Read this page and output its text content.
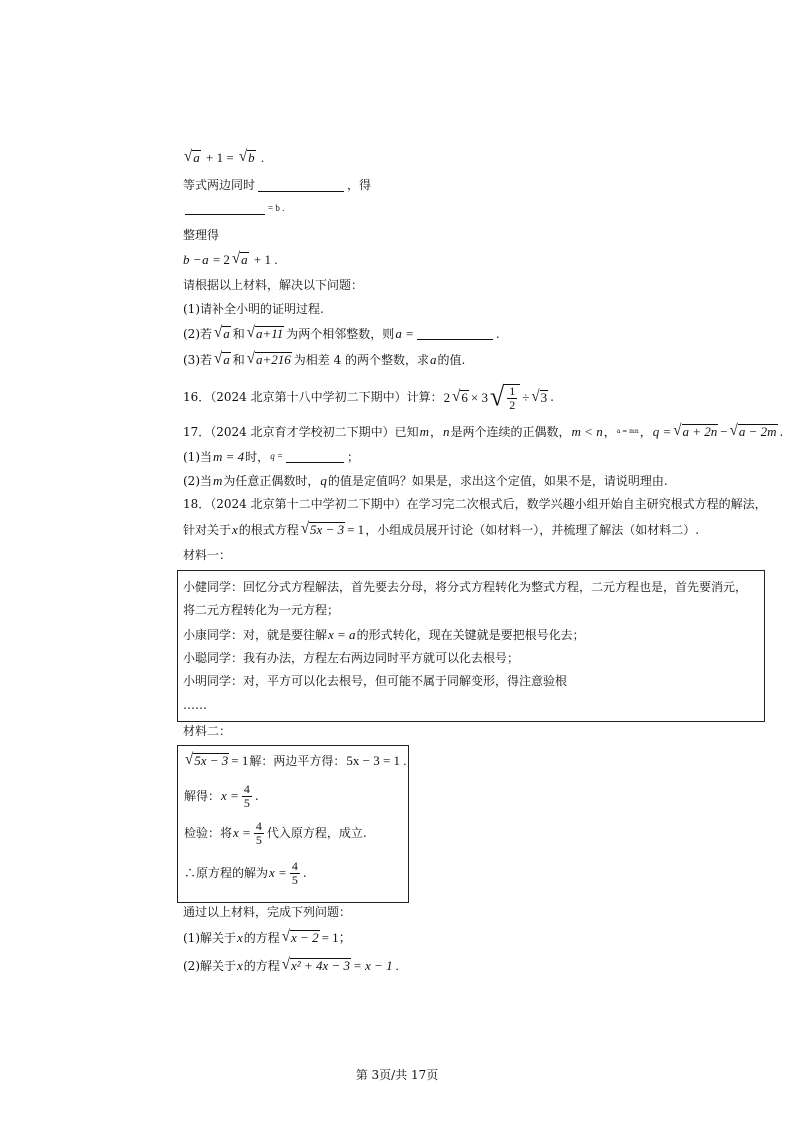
√ a + 1 = √ b .
等式两边同时	，得
= b .
整理得
b − a = 2 √ a + 1 .
请根据以上材料，解决以下问题：
(1)请补全小明的证明过程.
(2)若 √ a 和 √ a+11 为两个相邻整数，则 a =	.
(3)若 √ a 和 √ a+216 为相差 4 的两个整数，求 a 的值.
16．（2024 北京第十八中学初二下期中）计算： 2 √ 6 × 3 √ $\frac{1}{2}$ ÷ √ 3 .
17．（2024 北京育才学校初二下期中）已知 m ， n 是两个连续的正偶数， m < n ， a = mn ， q = √ a + 2n − √ a − 2m .
(1)当 m = 4 时， q =	；
(2)当 m 为任意正偶数时， q 的值是定值吗？如果是，求出这个定值，如果不是，请说明理由.
18．（2024 北京第十二中学初二下期中）在学习完二次根式后，数学兴趣小组开始自主研究根式方程的解法，
针对关于 x 的根式方程 √ 5x − 3 = 1 ，小组成员展开讨论（如材料一），并梳理了解法（如材料二）.
材料一：
小健同学：回忆分式方程解法，首先要去分母，将分式方程转化为整式方程，二元方程也是，首先要消元，
将二元方程转化为一元方程；
小康同学：对，就是要往解 x = a 的形式转化，现在关键就是要把根号化去；
小聪同学：我有办法，方程左右两边同时平方就可以化去根号；
小明同学：对，平方可以化去根号，但可能不属于同解变形，得注意验根
……
材料二：
√ 5x − 3 = 1 解：两边平方得： 5x − 3 = 1 .
解得： $x = \frac{4}{5}$ .
检验：将 $x = \frac{4}{5}$ 代入原方程，成立.
∴原方程的解为 $x = \frac{4}{5}$ .
通过以上材料，完成下列问题：
(1)解关于 x 的方程 √ x − 2 = 1；
(2)解关于 x 的方程 √ x² + 4x − 3 = x − 1 .
第 3页/共 17页
